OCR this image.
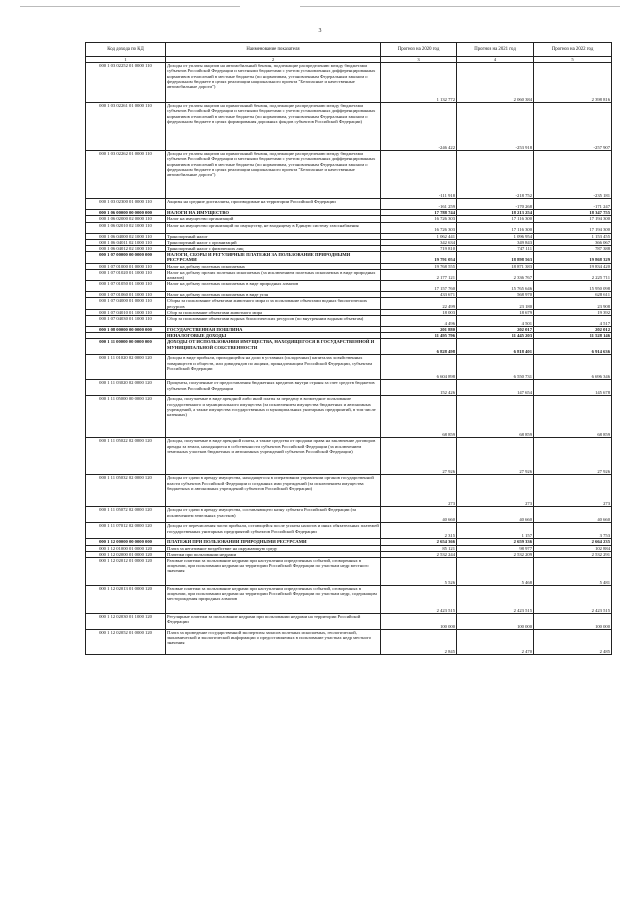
3
Код дохода по КД	Наименование показателя	Прогноз на 2020 год	Прогноз на 2021 год	Прогноз на 2022 год
1	2	3	4	5
000 1 03 02252 01 0000 110	Доходы от уплаты акцизов на автомобильный бензин, подлежащие распределению между бюджетами субъектов Российской Федерации и местными бюджетами с учетом установленных дифференцированных нормативов отчислений в местные бюджеты (по нормативам, установленным Федеральным законом о федеральном бюджете в целях реализации национального проекта "Безопасные и качественные автомобильные дороги")	1 132 772	2 060 384	2 398 816
000 1 03 02261 01 0000 110	Доходы от уплаты акцизов на прямогонный бензин, подлежащие распределению между бюджетами субъектов Российской Федерации и местными бюджетами с учетом установленных дифференцированных нормативов отчислений в местные бюджеты (по нормативам, установленным Федеральным законом о федеральном бюджете в целях формирования дорожных фондов субъектов Российской Федерации)	-246 422	-253 918	-257 907
000 1 03 02262 01 0000 110	Доходы от уплаты акцизов на прямогонный бензин, подлежащие распределению между бюджетами субъектов Российской Федерации и местными бюджетами с учетом установленных дифференцированных нормативов отчислений в местные бюджеты (по нормативам, установленным Федеральным законом о федеральном бюджете в целях реализации национального проекта "Безопасные и качественные автомобильные дороги")	-111 918	-218 752	-235 181
000 1 03 02300 01 0000 110	Акцизы на средние дистилляты, производимые на территории Российской Федерации	-161 259	-170 268	-171 247
000 1 06 00000 00 0000 000	НАЛОГИ НА ИМУЩЕСТВО	17 788 744	18 213 254	18 347 755
000 1 06 02000 02 0000 110	Налог на имущество организаций	16 726 303	17 116 300	17 194 300
000 1 06 02010 02 1000 110	Налог на имущество организаций по имуществу, не входящему в Единую систему газоснабжения	16 726 303	17 116 300	17 194 300
000 1 06 04000 02 1000 110	Транспортный налог	1 062 441	1 096 954	1 153 455
000 1 06 04011 02 1000 110	Транспортный налог с организаций	342 634	349 843	366 067
000 1 06 04012 02 1000 110	Транспортный налог с физических лиц	719 810	747 111	787 388
000 1 07 00000 00 0000 000	НАЛОГИ, СБОРЫ И РЕГУЛЯРНЫЕ ПЛАТЕЖИ ЗА ПОЛЬЗОВАНИЕ ПРИРОДНЫМИ РЕСУРСАМИ	19 791 054	18 898 563	19 868 329
000 1 07 01000 01 0000 110	Налог на добычу полезных ископаемых	19 768 555	18 871 383	19 834 420
000 1 07 01020 01 1000 110	Налог на добычу прочих полезных ископаемых (за исключением полезных ископаемых в виде природных алмазов)	2 177 121	2 336 767	2 225 711
000 1 07 01050 01 1000 110	Налог на добычу полезных ископаемых в виде природных алмазов	17 157 760	15 765 646	15 950 098
000 1 07 01060 01 1000 110	Налог на добычу полезных ископаемых в виде угля	433 671	568 970	628 611
000 1 07 04000 01 0000 110	Сборы за пользование объектами животного мира и за пользование объектами водных биологических ресурсов	22 499	23 180	23 908
000 1 07 04010 01 1000 110	Сбор за пользование объектами животного мира	18 003	18 679	19 392
000 1 07 04030 01 1000 110	Сбор за пользование объектами водных биологических ресурсов (по внутренним водным объектам)	4 496	4 501	4 517
000 1 08 00000 00 0000 000	ГОСУДАРСТВЕННАЯ ПОШЛИНА	201 880	202 017	202 012
	НЕНАЛОГОВЫЕ ДОХОДЫ	11 495 796	11 445 203	11 528 146
000 1 11 00000 00 0000 000	ДОХОДЫ ОТ ИСПОЛЬЗОВАНИЯ ИМУЩЕСТВА, НАХОДЯЩЕГОСЯ В ГОСУДАРСТВЕННОЙ И МУНИЦИПАЛЬНОЙ СОБСТВЕННОСТИ	6 828 498	6 818 401	6 914 636
000 1 11 01020 02 0000 120	Доходы в виде прибыли, приходящейся на доли в уставных (складочных) капиталах хозяйственных товариществ и обществ, или дивидендов по акциям, принадлежащим Российской Федерации, субъектам Российской Федерации	6 604 898	6 550 731	6 696 346
000 1 11 03020 02 0000 120	Проценты, полученные от предоставления бюджетных кредитов внутри страны за счет средств бюджетов субъектов Российской Федерации	152 426	147 654	145 678
000 1 11 05000 00 0000 120	Доходы, получаемые в виде арендной либо иной платы за передачу в возмездное пользование государственного и муниципального имущества (за исключением имущества бюджетных и автономных учреждений, а также имущества государственных и муниципальных унитарных предприятий, в том числе казенных)	68 859	68 859	68 859
000 1 11 05022 02 0000 120	Доходы, получаемые в виде арендной платы, а также средства от продажи права на заключение договоров аренды за земли, находящиеся в собственности субъектов Российской Федерации (за исключением земельных участков бюджетных и автономных учреждений субъектов Российской Федерации)	27 926	27 926	27 926
000 1 11 05032 02 0000 120	Доходы от сдачи в аренду имущества, находящегося в оперативном управлении органов государственной власти субъектов Российской Федерации и созданных ими учреждений (за исключением имущества бюджетных и автономных учреждений субъектов Российской Федерации)	273	273	273
000 1 11 05072 02 0000 120	Доходы от сдачи в аренду имущества, составляющего казну субъекта Российской Федерации (за исключением земельных участков)	40 660	40 660	40 660
000 1 11 07012 02 0000 120	Доходы от перечисления части прибыли, остающейся после уплаты налогов и иных обязательных платежей государственных унитарных предприятий субъектов Российской Федерации	2 315	1 157	3 753
000 1 12 00000 00 0000 000	ПЛАТЕЖИ ПРИ ПОЛЬЗОВАНИИ ПРИРОДНЫМИ РЕСУРСАМИ	2 654 366	2 659 336	2 664 235
000 1 12 01000 01 0000 120	Плата за негативное воздействие на окружающую среду	85 121	98 977	102 884
000 1 12 02000 01 0000 120	Платежи при пользовании недрами	2 532 244	2 532 209	2 532 291
000 1 12 02012 01 0000 120	Разовые платежи за пользование недрами при наступлении определенных событий, оговоренных в лицензии, при пользовании недрами на территории Российской Федерации по участкам недр местного значения	5 526	5 468	5 481
000 1 12 02013 01 0000 120	Разовые платежи за пользование недрами при наступлении определенных событий, оговоренных в лицензии, при пользовании недрами на территории Российской Федерации по участкам недр, содержащим месторождения природных алмазов	2 423 515	2 423 515	2 423 515
000 1 12 02030 01 1000 120	Регулярные платежи за пользование недрами при пользовании недрами на территории Российской Федерации	100 000	100 000	100 000
000 1 12 02052 01 0000 120	Плата за проведение государственной экспертизы запасов полезных ископаемых, геологической, экономической и экологической информации о предоставляемых в пользование участках недр местного значения	2 845	2 470	2 485
